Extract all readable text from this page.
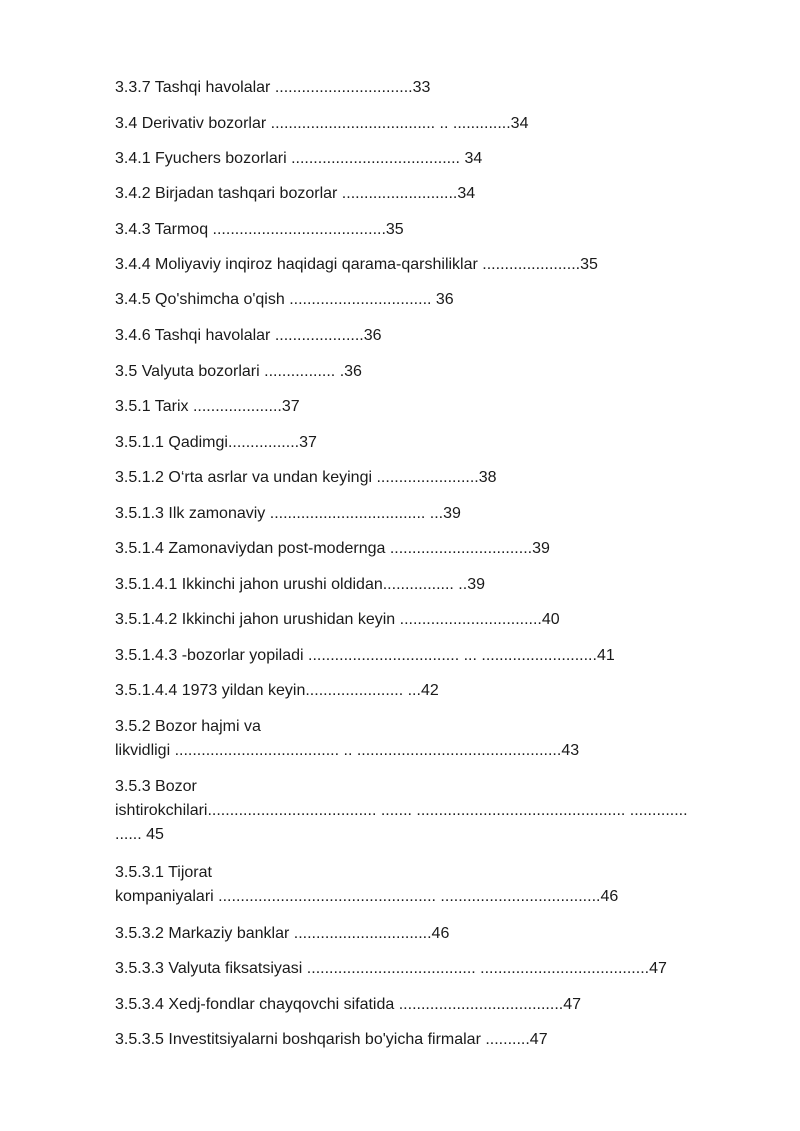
3.3.7 Tashqi havolalar ...............................33

3.4 Derivativ bozorlar ..................................... .. .............34

3.4.1 Fyuchers bozorlari ...................................... 34

3.4.2 Birjadan tashqari bozorlar ..........................34

3.4.3 Tarmoq .......................................35

3.4.4 Moliyaviy inqiroz haqidagi qarama-qarshiliklar ......................35

3.4.5 Qo'shimcha o'qish ................................ 36

3.4.6 Tashqi havolalar ....................36

3.5 Valyuta bozorlari ................ .36

3.5.1 Tarix ....................37

3.5.1.1 Qadimgi................37

3.5.1.2 O‘rta asrlar va undan keyingi .......................38

3.5.1.3 Ilk zamonaviy ................................... ...39

3.5.1.4 Zamonaviydan post-modernga ................................39

3.5.1.4.1 Ikkinchi jahon urushi oldidan................ ..39

3.5.1.4.2 Ikkinchi jahon urushidan keyin ................................40

3.5.1.4.3 -bozorlar yopiladi .................................. ... ..........................41

3.5.1.4.4 1973 yildan keyin...................... ...42

3.5.2 Bozor hajmi va
likvidligi ..................................... .. ..............................................43

3.5.3 Bozor
ishtirokchilari...................................... ....... ............................................... .............
...... 45

3.5.3.1 Tijorat
kompaniyalari ................................................. ....................................46

3.5.3.2 Markaziy banklar ...............................46

3.5.3.3 Valyuta fiksatsiyasi ...................................... ......................................47

3.5.3.4 Xedj-fondlar chayqovchi sifatida .....................................47

3.5.3.5 Investitsiyalarni boshqarish bo'yicha firmalar ..........47
